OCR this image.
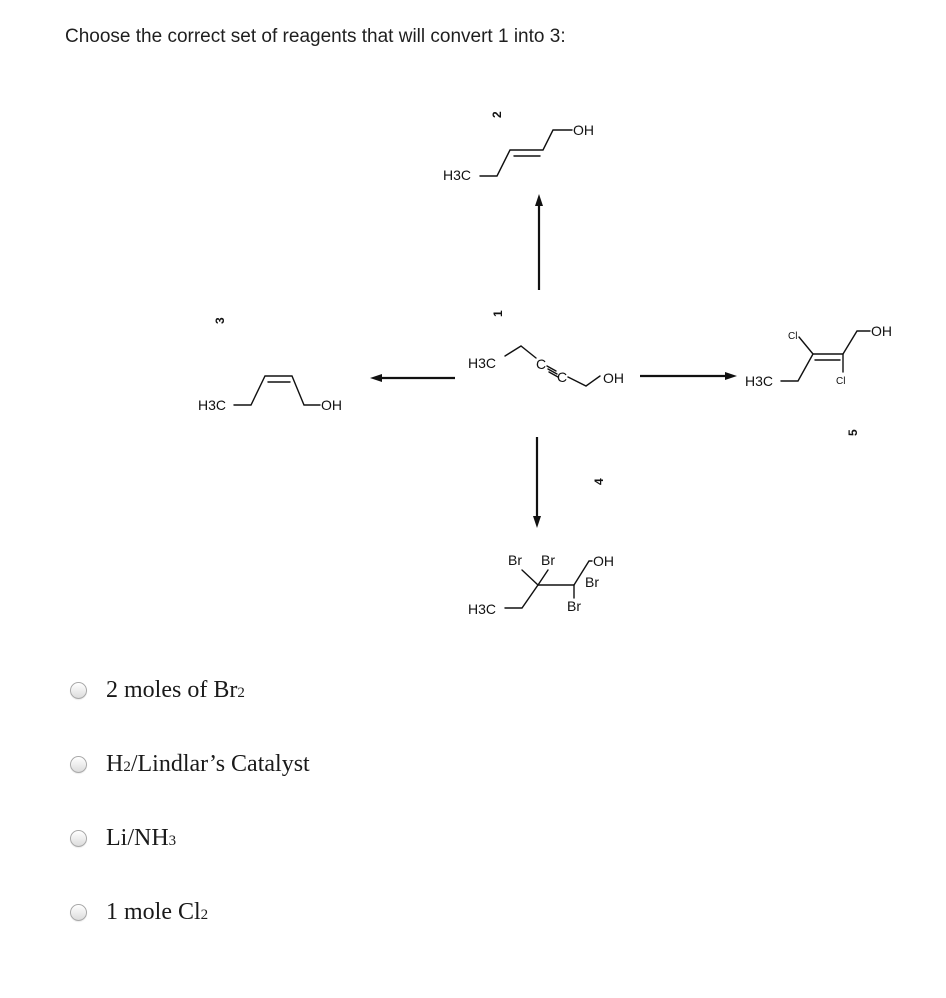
Choose the correct set of reagents that will convert 1 into 3:
2
H3C
OH
1
H3C	C
C	OH
3
H3C	OH
H3C
Cl
Cl
OH
5
4
Br Br	OH
Br
Br
H3C
2 moles of Br2
H2/Lindlar’s Catalyst
Li/NH3
1 mole Cl2
